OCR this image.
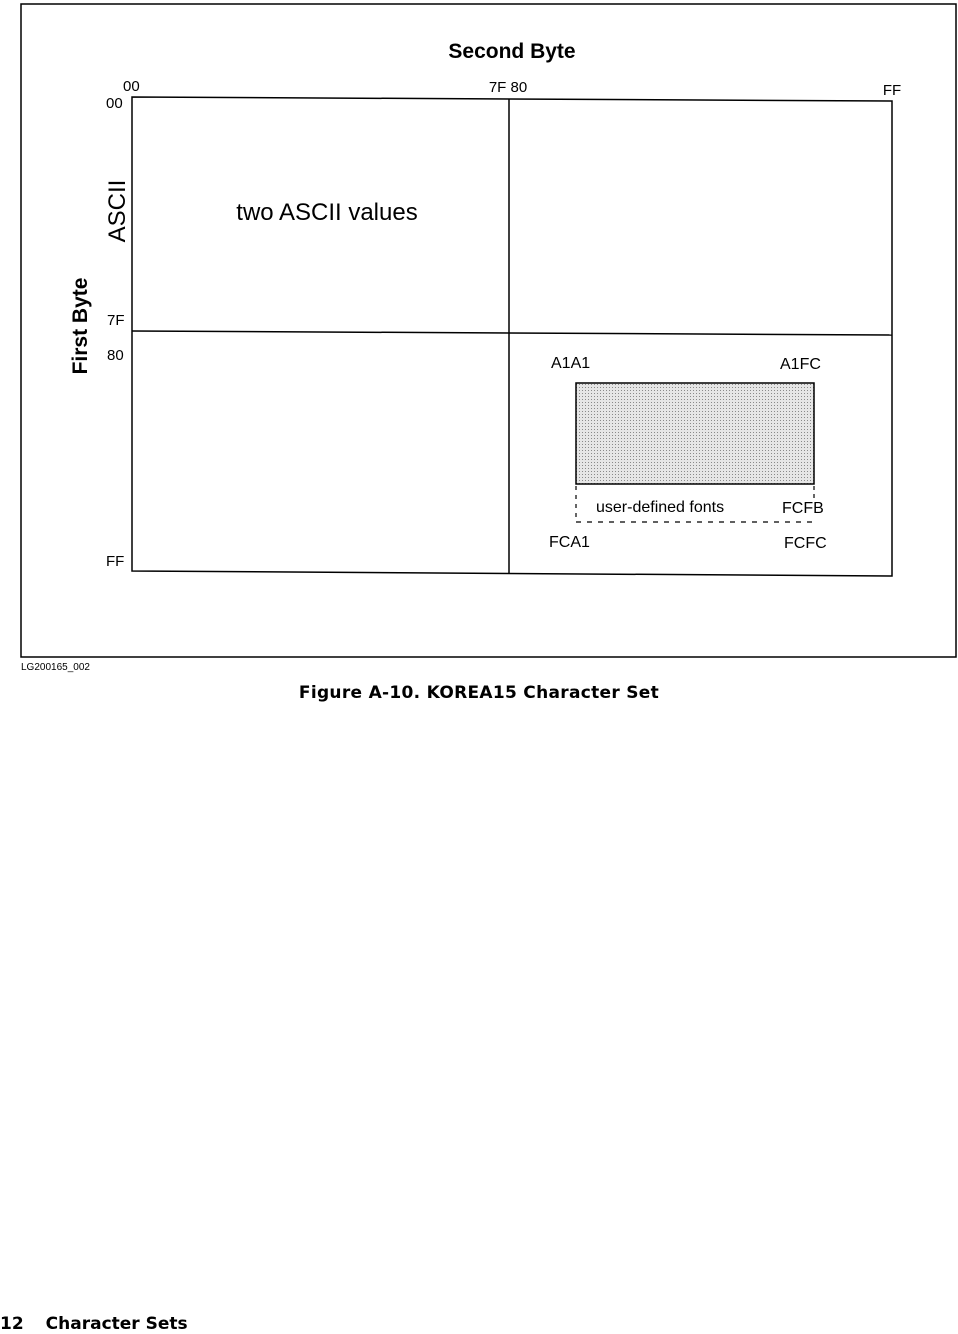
Second Byte
First Byte
ASCII
00	7F 80	FF
00
7F
80
FF
two ASCII values
A1A1	A1FC
user-defined fonts	FCFB
FCA1	FCFC
LG200165_002
Figure A-10. KOREA15 Character Set
12 Character Sets
